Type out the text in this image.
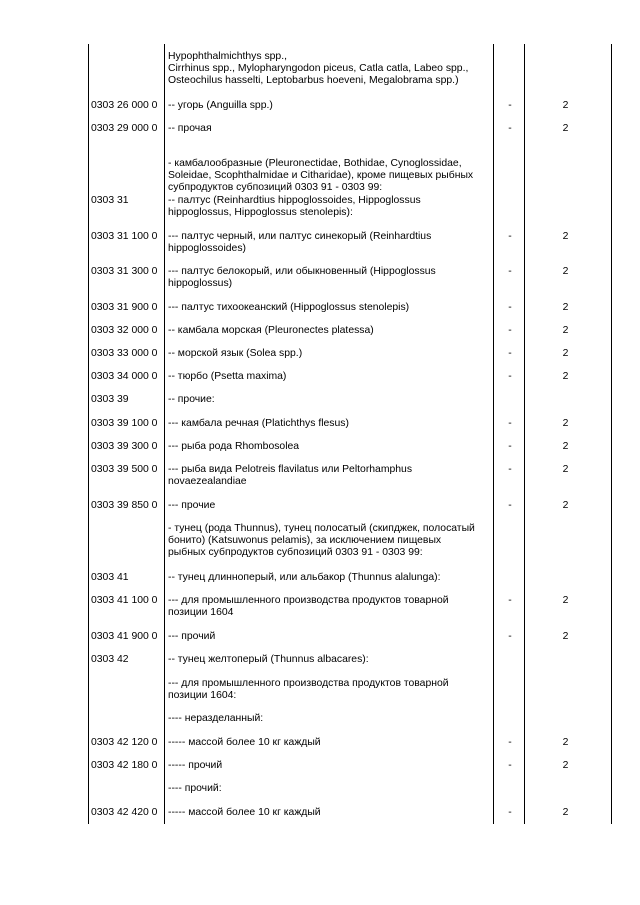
Hypophthalmichthys spp.,
Cirrhinus spp., Mylopharyngodon piceus, Catla catla, Labeo spp.,
Osteochilus hasselti, Leptobarbus hoeveni, Megalobrama spp.)
0303 26 000 0 -- угорь (Anguilla spp.)	-	2
0303 29 000 0 -- прочая	-	2
- камбалообразные (Pleuronectidae, Bothidae, Cynoglossidae,
Soleidae, Scophthalmidae и Citharidae), кроме пищевых рыбных
субпродуктов субпозиций 0303 91 - 0303 99:
0303 31	-- палтус (Reinhardtius hippoglossoides, Hippoglossus
hippoglossus, Hippoglossus stenolepis):
0303 31 100 0 --- палтус черный, или палтус синекорый (Reinhardtius
hippoglossoides)
-	2
0303 31 300 0 --- палтус белокорый, или обыкновенный (Hippoglossus
hippoglossus)
-	2
0303 31 900 0 --- палтус тихоокеанский (Hippoglossus stenolepis)	-	2
0303 32 000 0 -- камбала морская (Pleuronectes platessa)	-	2
0303 33 000 0 -- морской язык (Solea spp.)	-	2
0303 34 000 0 -- тюрбо (Psetta maxima)	-	2
0303 39	-- прочие:
0303 39 100 0 --- камбала речная (Platichthys flesus)	-	2
0303 39 300 0 --- рыба рода Rhombosolea	-	2
0303 39 500 0 --- рыба вида Pelotreis flavilatus или Peltorhamphus
novaezealandiae
-	2
0303 39 850 0 --- прочие	-	2
- тунец (рода Thunnus), тунец полосатый (скипджек, полосатый
бонито) (Katsuwonus pelamis), за исключением пищевых
рыбных субпродуктов субпозиций 0303 91 - 0303 99:
0303 41	-- тунец длинноперый, или альбакор (Thunnus alalunga):
0303 41 100 0 --- для промышленного производства продуктов товарной
позиции 1604
-	2
0303 41 900 0 --- прочий	-	2
0303 42	-- тунец желтоперый (Thunnus albacares):
--- для промышленного производства продуктов товарной
позиции 1604:
---- неразделанный:
0303 42 120 0 ----- массой более 10 кг каждый	-	2
0303 42 180 0 ----- прочий	-	2
---- прочий:
0303 42 420 0 ----- массой более 10 кг каждый	-	2
